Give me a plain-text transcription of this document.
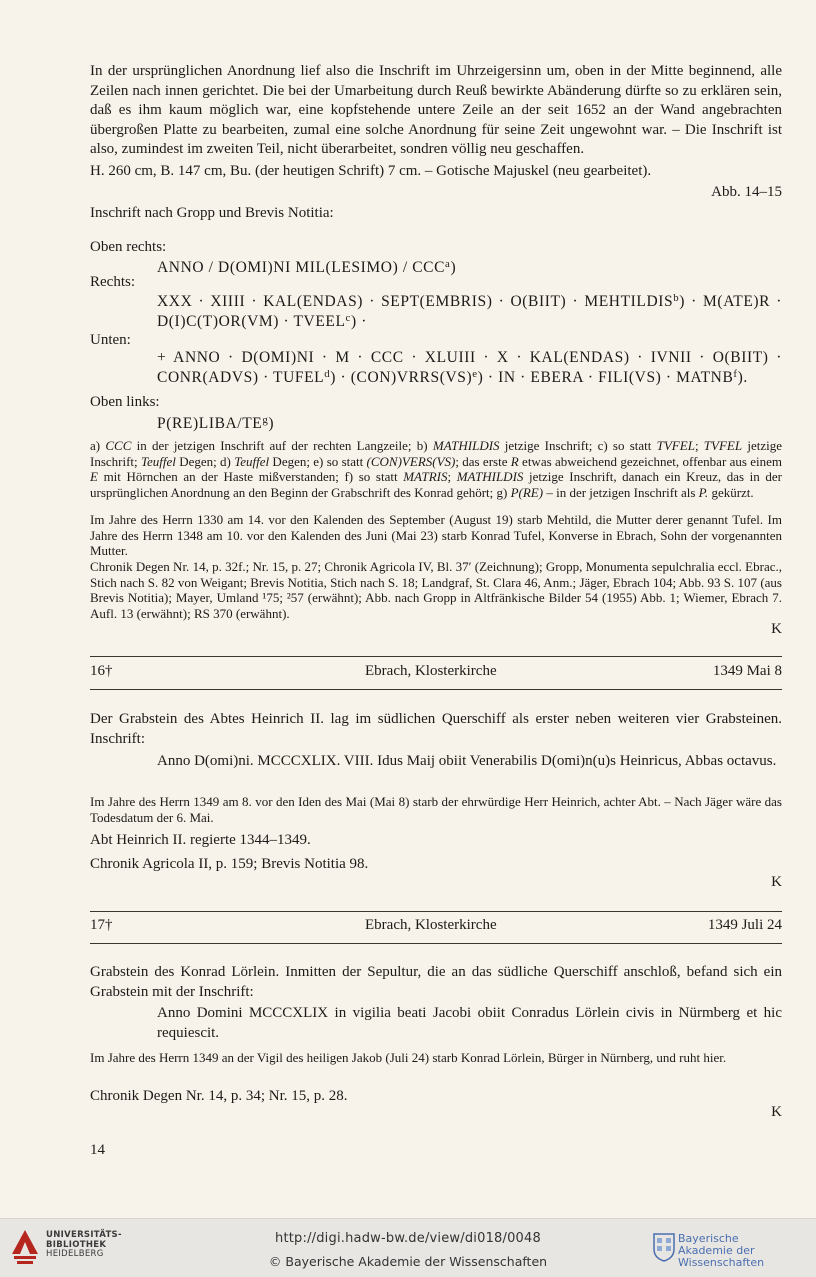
In der ursprünglichen Anordnung lief also die Inschrift im Uhrzeigersinn um, oben in der Mitte beginnend, alle Zeilen nach innen gerichtet. Die bei der Umarbeitung durch Reuß bewirkte Abänderung dürfte so zu erklären sein, daß es ihm kaum möglich war, eine kopfstehende untere Zeile an der seit 1652 an der Wand angebrachten übergroßen Platte zu bearbeiten, zumal eine solche Anordnung für seine Zeit ungewohnt war. – Die Inschrift ist also, zumindest im zweiten Teil, nicht überarbeitet, sondren völlig neu geschaffen.

H. 260 cm, B. 147 cm, Bu. (der heutigen Schrift) 7 cm. – Gotische Majuskel (neu gearbeitet).

Abb. 14–15

Inschrift nach Gropp und Brevis Notitia:

Oben rechts:

ANNO / D(OMI)NI MIL(LESIMO) / CCC$^a$)

Rechts:

XXX · XIIII · KAL(ENDAS) · SEPT(EMBRIS) · O(BIIT) · $MEHTILDIS^b) \cdot M(ATE)R \cdot D(I)C(T)OR(VM)$ · $TVEEL^c$) ·

Unten:

+ ANNO · D(OMI)NI · M · CCC · XLUIII · X · KAL(ENDAS) · IVNII · O(BIIT) · CONR(ADVS) · $TUFEL^d$) · (CON)VRRS(VS)$^e$) · IN · EBERA · FILI(VS) · $MATNB^f$).

Oben links:

$P(RE)LIBA/TE^g$)

a) CCC in der jetzigen Inschrift auf der rechten Langzeile; b) MATHILDIS jetzige Inschrift; c) so statt TVFEL; TVFEL jetzige Inschrift; Teuffel Degen; d) Teuffel Degen; e) so statt (CON)VERS(VS); das erste R etwas abweichend gezeichnet, offenbar aus einem E mit Hörnchen an der Haste mißverstanden; f) so statt MATRIS; MATHILDIS jetzige Inschrift, danach ein Kreuz, das in der ursprünglichen Anordnung an den Beginn der Grabschrift des Konrad gehört; g) P(RE) – in der jetzigen Inschrift als P. gekürzt.

Im Jahre des Herrn 1330 am 14. vor den Kalenden des September (August 19) starb Mehtild, die Mutter derer genannt Tufel. Im Jahre des Herrn 1348 am 10. vor den Kalenden des Juni (Mai 23) starb Konrad Tufel, Konverse in Ebrach, Sohn der vorgenannten Mutter.

Chronik Degen Nr. 14, p. 32f.; Nr. 15, p. 27; Chronik Agricola IV, Bl. 37′ (Zeichnung); Gropp, Monumenta sepulchralia eccl. Ebrac., Stich nach S. 82 von Weigant; Brevis Notitia, Stich nach S. 18; Landgraf, St. Clara 46, Anm.; Jäger, Ebrach 104; Abb. 93 S. 107 (aus Brevis Notitia); Mayer, Umland ¹75; ²57 (erwähnt); Abb. nach Gropp in Altfränkische Bilder 54 (1955) Abb. 1; Wiemer, Ebrach 7. Aufl. 13 (erwähnt); RS 370 (erwähnt).

K

16†	Ebrach, Klosterkirche	1349 Mai 8

Der Grabstein des Abtes Heinrich II. lag im südlichen Querschiff als erster neben weiteren vier Grabsteinen. Inschrift:

Anno D(omi)ni. MCCCXLIX. VIII. Idus Maij obiit Venerabilis D(omi)n(u)s Heinricus, Abbas octavus.

Im Jahre des Herrn 1349 am 8. vor den Iden des Mai (Mai 8) starb der ehrwürdige Herr Heinrich, achter Abt. – Nach Jäger wäre das Todesdatum der 6. Mai.

Abt Heinrich II. regierte 1344–1349.

Chronik Agricola II, p. 159; Brevis Notitia 98.

K

17†	Ebrach, Klosterkirche	1349 Juli 24

Grabstein des Konrad Lörlein. Inmitten der Sepultur, die an das südliche Querschiff anschloß, befand sich ein Grabstein mit der Inschrift:

Anno Domini MCCCXLIX in vigilia beati Jacobi obiit Conradus Lörlein civis in Nürmberg et hic requiescit.

Im Jahre des Herrn 1349 an der Vigil des heiligen Jakob (Juli 24) starb Konrad Lörlein, Bürger in Nürnberg, und ruht hier.

Chronik Degen Nr. 14, p. 34; Nr. 15, p. 28.

K

14

UNIVERSITÄTS-
BIBLIOTHEK
HEIDELBERG
http://digi.hadw-bw.de/view/di018/0048
© Bayerische Akademie der Wissenschaften
Bayerische
Akademie der Wissenschaften
